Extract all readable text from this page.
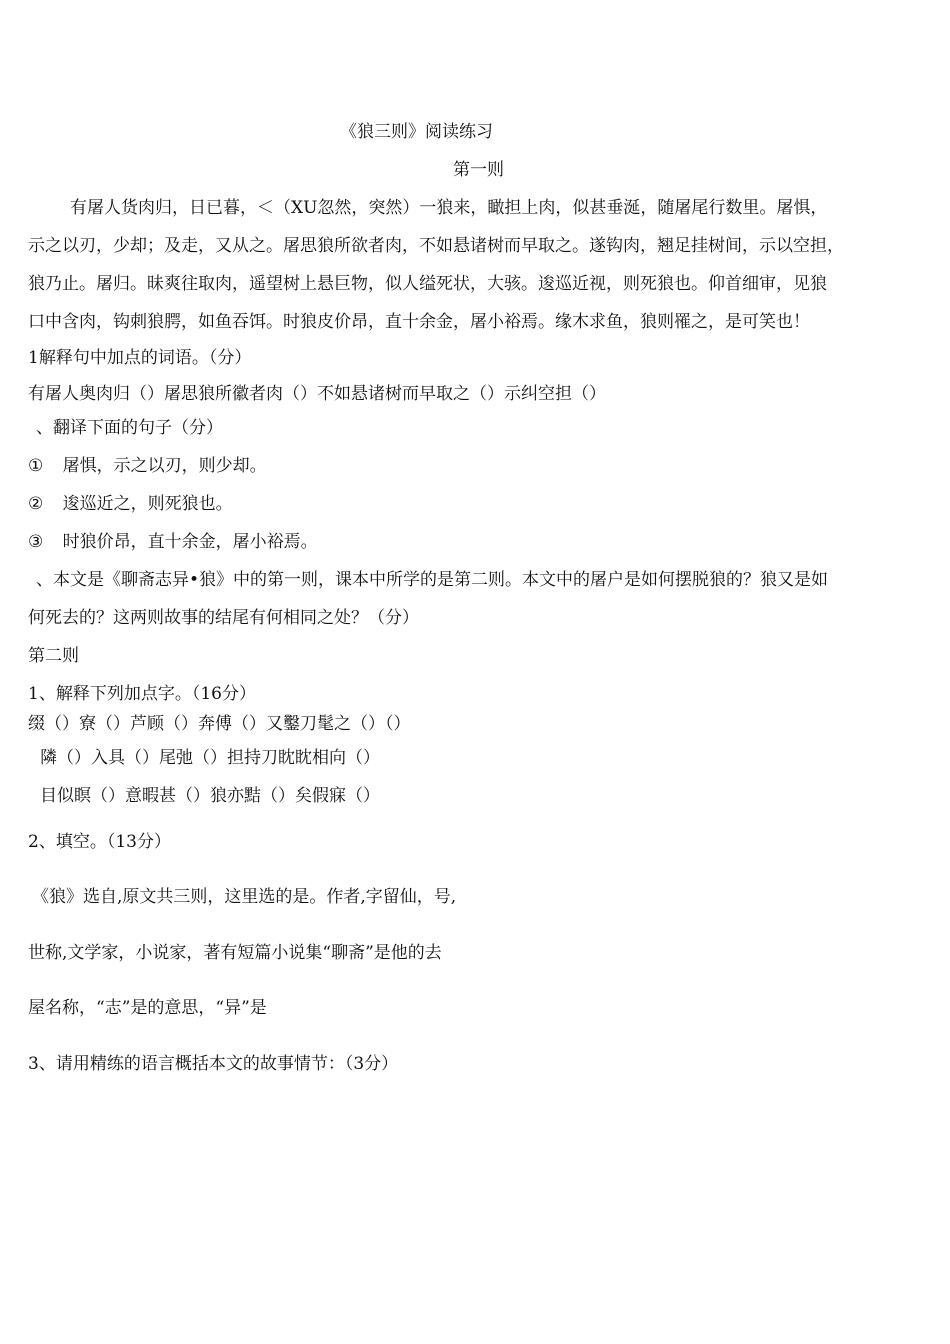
《狼三则》阅读练习
第一则
有屠人货肉归，日已暮，＜（XU忽然，突然）一狼来，瞰担上肉，似甚垂涎，随屠尾行数里。屠惧，
示之以刃，少却；及走，又从之。屠思狼所欲者肉，不如悬诸树而早取之。遂钩肉，翘足挂树间，示以空担，
狼乃止。屠归。昧爽往取肉，遥望树上悬巨物，似人缢死状，大骇。逡巡近视，则死狼也。仰首细审，见狼
口中含肉，钩刺狼腭，如鱼吞饵。时狼皮价昂，直十余金，屠小裕焉。缘木求鱼，狼则罹之，是可笑也！
1解释句中加点的词语。（分）
有屠人奥肉归（）屠思狼所徽者肉（）不如悬诸树而早取之（）示纠空担（）
、翻译下面的句子（分）
① 屠惧，示之以刃，则少却。
② 逡巡近之，则死狼也。
③ 时狼价昂，直十余金，屠小裕焉。
、本文是《聊斋志异•狼》中的第一则，课本中所学的是第二则。本文中的屠户是如何摆脱狼的？狼又是如
何死去的？这两则故事的结尾有何相同之处？（分）
第二则
1、解释下列加点字。（16分）
缀（）寮（）芦顾（）奔傅（）又鑿刀髦之（）（）
隣（）入具（）尾弛（）担持刀眈眈相向（）
目似瞑（）意暇甚（）狼亦黠（）矣假寐（）
2、填空。（13分）
《狼》选自,原文共三则，这里选的是。作者,字留仙，号,
世称,文学家，小说家，著有短篇小说集“聊斋”是他的去
屋名称，“志”是的意思，“异”是
3、请用精练的语言概括本文的故事情节：（3分）
